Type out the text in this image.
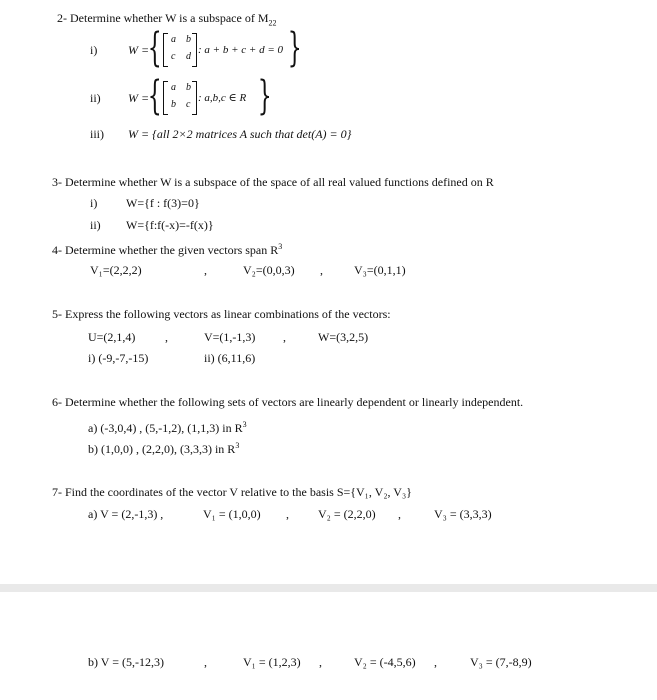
2- Determine whether W is a subspace of $M_{22}$
i)	W =
{ a b
c d
: a + b + c + d = 0 }
ii) W =
{ a b
b c
: a,b,c ∈ R }
iii) W = {all 2×2 matrices A such that det(A) = 0}
3- Determine whether W is a subspace of the space of all real valued functions defined on R
i) W={f : f(3)=0}
ii) W={f:f(-x)=-f(x)}
4- Determine whether the given vectors span $R^3$
V₁=(2,2,2)	,	V₂=(0,0,3) ,	V₃=(0,1,1)
5- Express the following vectors as linear combinations of the vectors:
U=(2,1,4) ,	V=(1,-1,3) ,	W=(3,2,5)
i) (-9,-7,-15)	ii) (6,11,6)
6- Determine whether the following sets of vectors are linearly dependent or linearly independent.
a) (-3,0,4) , (5,-1,2), (1,1,3) in $R^3$
b) (1,0,0) , (2,2,0), (3,3,3) in $R^3$
7- Find the coordinates of the vector V relative to the basis S={V₁, V₂, V₃}
a) V = (2,-1,3) ,	V₁ = (1,0,0) , V₂ = (2,2,0) ,	V₃ = (3,3,3)
b) V = (5,-12,3)	,	V₁ = (1,2,3) ,	V₂ = (-4,5,6) ,	V₃ = (7,-8,9)
